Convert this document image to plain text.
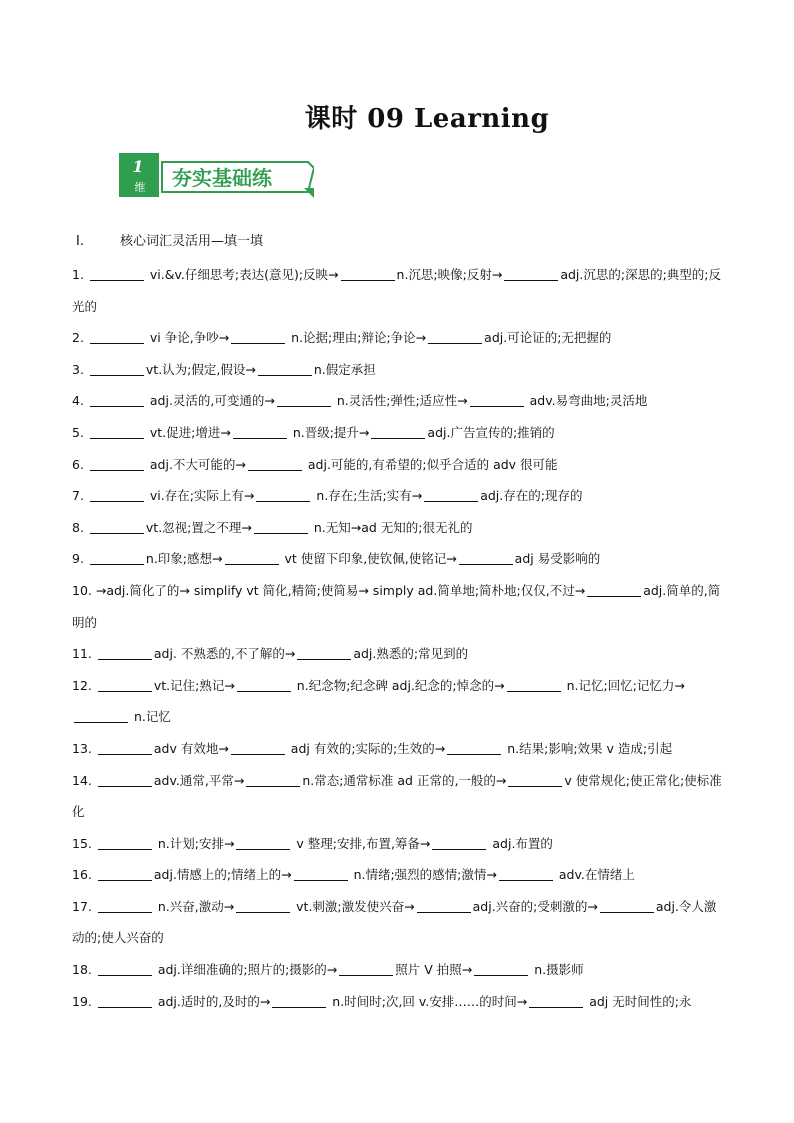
课时 09 Learning
1
维 夯实基础练
I.	核心词汇灵活用—填一填
1.	vi.&v.仔细思考;表达(意见);反映→	n.沉思;映像;反射→	adj.沉思的;深思的;典型的;反光的
2.	vi 争论,争吵→	n.论据;理由;辩论;争论→	adj.可论证的;无把握的
3.	vt.认为;假定,假设→	n.假定承担
4.	adj.灵活的,可变通的→	n.灵活性;弹性;适应性→	adv.易弯曲地;灵活地
5.	vt.促进;增进→	n.晋级;提升→	adj.广告宣传的;推销的
6.	adj.不大可能的→	adj.可能的,有希望的;似乎合适的 adv 很可能
7.	vi.存在;实际上有→	n.存在;生活;实有→	adj.存在的;现存的
8.	vt.忽视;置之不理→	n.无知→ad 无知的;很无礼的
9.	n.印象;感想→	vt 使留下印象,使钦佩,使铭记→	adj 易受影响的
10. →adj.简化了的→ simplify vt 简化,精简;使简易→ simply ad.简单地;简朴地;仅仅,不过→	adj.简单的,简明的
11.	adj. 不熟悉的,不了解的→	adj.熟悉的;常见到的
12.	vt.记住;熟记→	n.纪念物;纪念碑 adj.纪念的;悼念的→	n.记忆;回忆;记忆力→ n.记忆
13.	adv 有效地→	adj 有效的;实际的;生效的→	n.结果;影响;效果 v 造成;引起
14.	adv.通常,平常→	n.常态;通常标准 ad 正常的,一般的→	v 使常规化;使正常化;使标准化
15.	n.计划;安排→	v 整理;安排,布置,筹备→	adj.布置的
16.	adj.情感上的;情绪上的→	n.情绪;强烈的感情;激情→	adv.在情绪上
17.	n.兴奋,激动→	vt.刺激;激发使兴奋→	adj.兴奋的;受刺激的→	adj.令人激动的;使人兴奋的
18.	adj.详细准确的;照片的;摄影的→	照片 V 拍照→	n.摄影师
19.	adj.适时的,及时的→	n.时间时;次,回 v.安排……的时间→	adj 无时间性的;永
